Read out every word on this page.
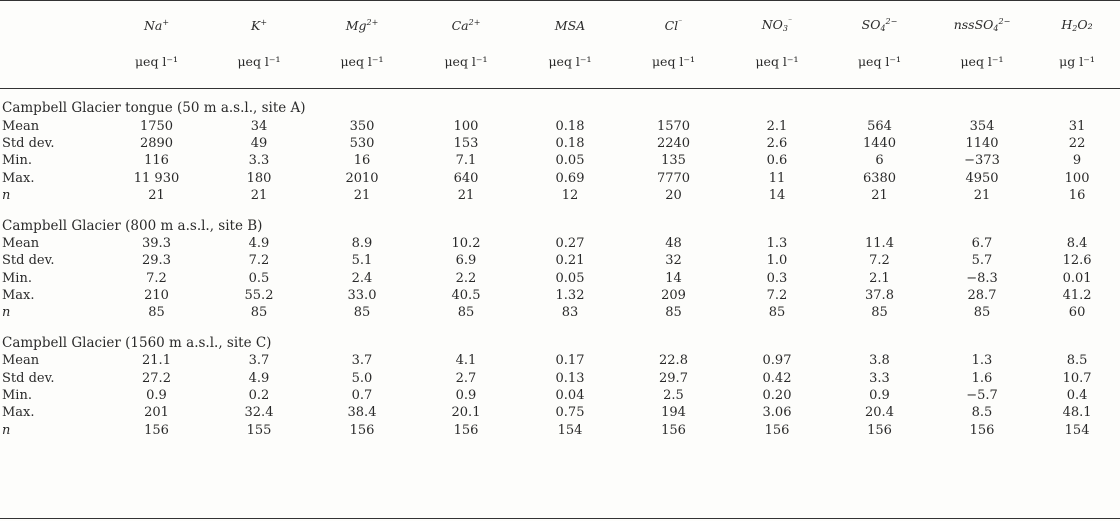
	Na+	K+	$Mg^{2+}$	$Ca^{2+}$	MSA	Cl⁻	$NO_3^{^-}$	$SO_4^{2-}$	nssSO$_4^{2-}$	$H_2O_2$
	μeq l⁻¹	μeq l⁻¹	μeq l⁻¹	μeq l⁻¹	μeq l⁻¹	μeq l⁻¹	μeq l⁻¹	μeq l⁻¹	μeq l⁻¹	μg l⁻¹
Campbell Glacier tongue (50 m a.s.l., site A)										
Mean	1750	34	350	100	0.18	1570	2.1	564	354	31
Std dev.	2890	49	530	153	0.18	2240	2.6	1440	1140	22
Min.	116	3.3	16	7.1	0.05	135	0.6	6	−373	9
Max.	11 930	180	2010	640	0.69	7770	11	6380	4950	100
n	21	21	21	21	12	20	14	21	21	16

Campbell Glacier (800 m a.s.l., site B)										
Mean	39.3	4.9	8.9	10.2	0.27	48	1.3	11.4	6.7	8.4
Std dev.	29.3	7.2	5.1	6.9	0.21	32	1.0	7.2	5.7	12.6
Min.	7.2	0.5	2.4	2.2	0.05	14	0.3	2.1	−8.3	0.01
Max.	210	55.2	33.0	40.5	1.32	209	7.2	37.8	28.7	41.2
n	85	85	85	85	83	85	85	85	85	60

Campbell Glacier (1560 m a.s.l., site C)										
Mean	21.1	3.7	3.7	4.1	0.17	22.8	0.97	3.8	1.3	8.5
Std dev.	27.2	4.9	5.0	2.7	0.13	29.7	0.42	3.3	1.6	10.7
Min.	0.9	0.2	0.7	0.9	0.04	2.5	0.20	0.9	−5.7	0.4
Max.	201	32.4	38.4	20.1	0.75	194	3.06	20.4	8.5	48.1
n	156	155	156	156	154	156	156	156	156	154
